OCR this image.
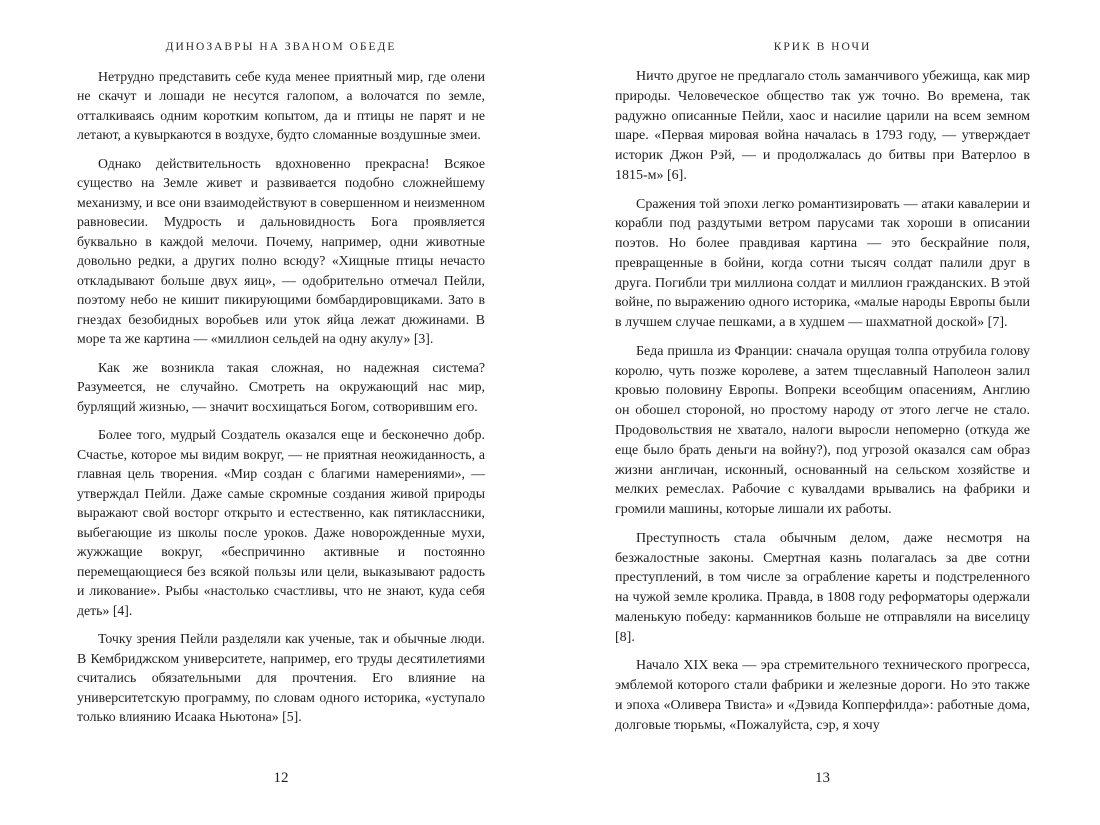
ДИНОЗАВРЫ НА ЗВАНОМ ОБЕДЕ

Нетрудно представить себе куда менее приятный мир, где олени не скачут и лошади не несутся галопом, а волочатся по земле, отталкиваясь одним коротким копытом, да и птицы не парят и не летают, а кувыркаются в воздухе, будто сломанные воздушные змеи.

Однако действительность вдохновенно прекрасна! Всякое существо на Земле живет и развивается подобно сложнейшему механизму, и все они взаимодействуют в совершенном и неизменном равновесии. Мудрость и дальновидность Бога проявляется буквально в каждой мелочи. Почему, например, одни животные довольно редки, а других полно всюду? «Хищные птицы нечасто откладывают больше двух яиц», — одобрительно отмечал Пейли, поэтому небо не кишит пикирующими бомбардировщиками. Зато в гнездах безобидных воробьев или уток яйца лежат дюжинами. В море та же картина — «миллион сельдей на одну акулу» [3].

Как же возникла такая сложная, но надежная система? Разумеется, не случайно. Смотреть на окружающий нас мир, бурлящий жизнью, — значит восхищаться Богом, сотворившим его.

Более того, мудрый Создатель оказался еще и бесконечно добр. Счастье, которое мы видим вокруг, — не приятная неожиданность, а главная цель творения. «Мир создан с благими намерениями», — утверждал Пейли. Даже самые скромные создания живой природы выражают свой восторг открыто и естественно, как пятиклассники, выбегающие из школы после уроков. Даже новорожденные мухи, жужжащие вокруг, «беспричинно активные и постоянно перемещающиеся без всякой пользы или цели, выказывают радость и ликование». Рыбы «настолько счастливы, что не знают, куда себя деть» [4].

Точку зрения Пейли разделяли как ученые, так и обычные люди. В Кембриджском университете, например, его труды десятилетиями считались обязательными для прочтения. Его влияние на университетскую программу, по словам одного историка, «уступало только влиянию Исаака Ньютона» [5].

12
КРИК В НОЧИ

Ничто другое не предлагало столь заманчивого убежища, как мир природы. Человеческое общество так уж точно. Во времена, так радужно описанные Пейли, хаос и насилие царили на всем земном шаре. «Первая мировая война началась в 1793 году, — утверждает историк Джон Рэй, — и продолжалась до битвы при Ватерлоо в 1815-м» [6].

Сражения той эпохи легко романтизировать — атаки кавалерии и корабли под раздутыми ветром парусами так хороши в описании поэтов. Но более правдивая картина — это бескрайние поля, превращенные в бойни, когда сотни тысяч солдат палили друг в друга. Погибли три миллиона солдат и миллион гражданских. В этой войне, по выражению одного историка, «малые народы Европы были в лучшем случае пешками, а в худшем — шахматной доской» [7].

Беда пришла из Франции: сначала орущая толпа отрубила голову королю, чуть позже королеве, а затем тщеславный Наполеон залил кровью половину Европы. Вопреки всеобщим опасениям, Англию он обошел стороной, но простому народу от этого легче не стало. Продовольствия не хватало, налоги выросли непомерно (откуда же еще было брать деньги на войну?), под угрозой оказался сам образ жизни англичан, исконный, основанный на сельском хозяйстве и мелких ремеслах. Рабочие с кувалдами врывались на фабрики и громили машины, которые лишали их работы.

Преступность стала обычным делом, даже несмотря на безжалостные законы. Смертная казнь полагалась за две сотни преступлений, в том числе за ограбление кареты и подстреленного на чужой земле кролика. Правда, в 1808 году реформаторы одержали маленькую победу: карманников больше не отправляли на виселицу [8].

Начало XIX века — эра стремительного технического прогресса, эмблемой которого стали фабрики и железные дороги. Но это также и эпоха «Оливера Твиста» и «Дэвида Копперфилда»: работные дома, долговые тюрьмы, «Пожалуйста, сэр, я хочу

13
